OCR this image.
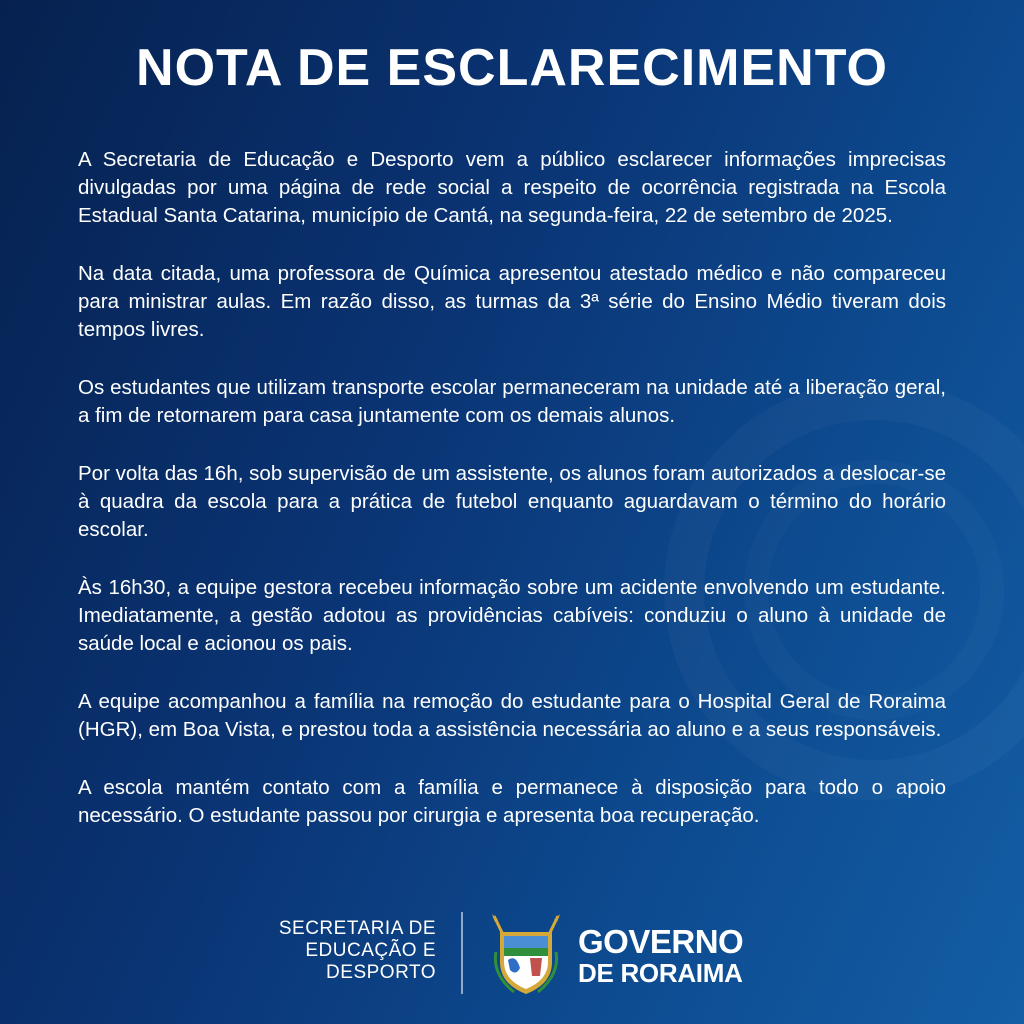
NOTA DE ESCLARECIMENTO

A Secretaria de Educação e Desporto vem a público esclarecer informações imprecisas divulgadas por uma página de rede social a respeito de ocorrência registrada na Escola Estadual Santa Catarina, município de Cantá, na segunda-feira, 22 de setembro de 2025.

Na data citada, uma professora de Química apresentou atestado médico e não compareceu para ministrar aulas. Em razão disso, as turmas da 3ª série do Ensino Médio tiveram dois tempos livres.

Os estudantes que utilizam transporte escolar permaneceram na unidade até a liberação geral, a fim de retornarem para casa juntamente com os demais alunos.

Por volta das 16h, sob supervisão de um assistente, os alunos foram autorizados a deslocar-se à quadra da escola para a prática de futebol enquanto aguardavam o término do horário escolar.

Às 16h30, a equipe gestora recebeu informação sobre um acidente envolvendo um estudante. Imediatamente, a gestão adotou as providências cabíveis: conduziu o aluno à unidade de saúde local e acionou os pais.

A equipe acompanhou a família na remoção do estudante para o Hospital Geral de Roraima (HGR), em Boa Vista, e prestou toda a assistência necessária ao aluno e a seus responsáveis.

A escola mantém contato com a família e permanece à disposição para todo o apoio necessário. O estudante passou por cirurgia e apresenta boa recuperação.

SECRETARIA DE
EDUCAÇÃO E
DESPORTO
GOVERNO
DE RORAIMA
